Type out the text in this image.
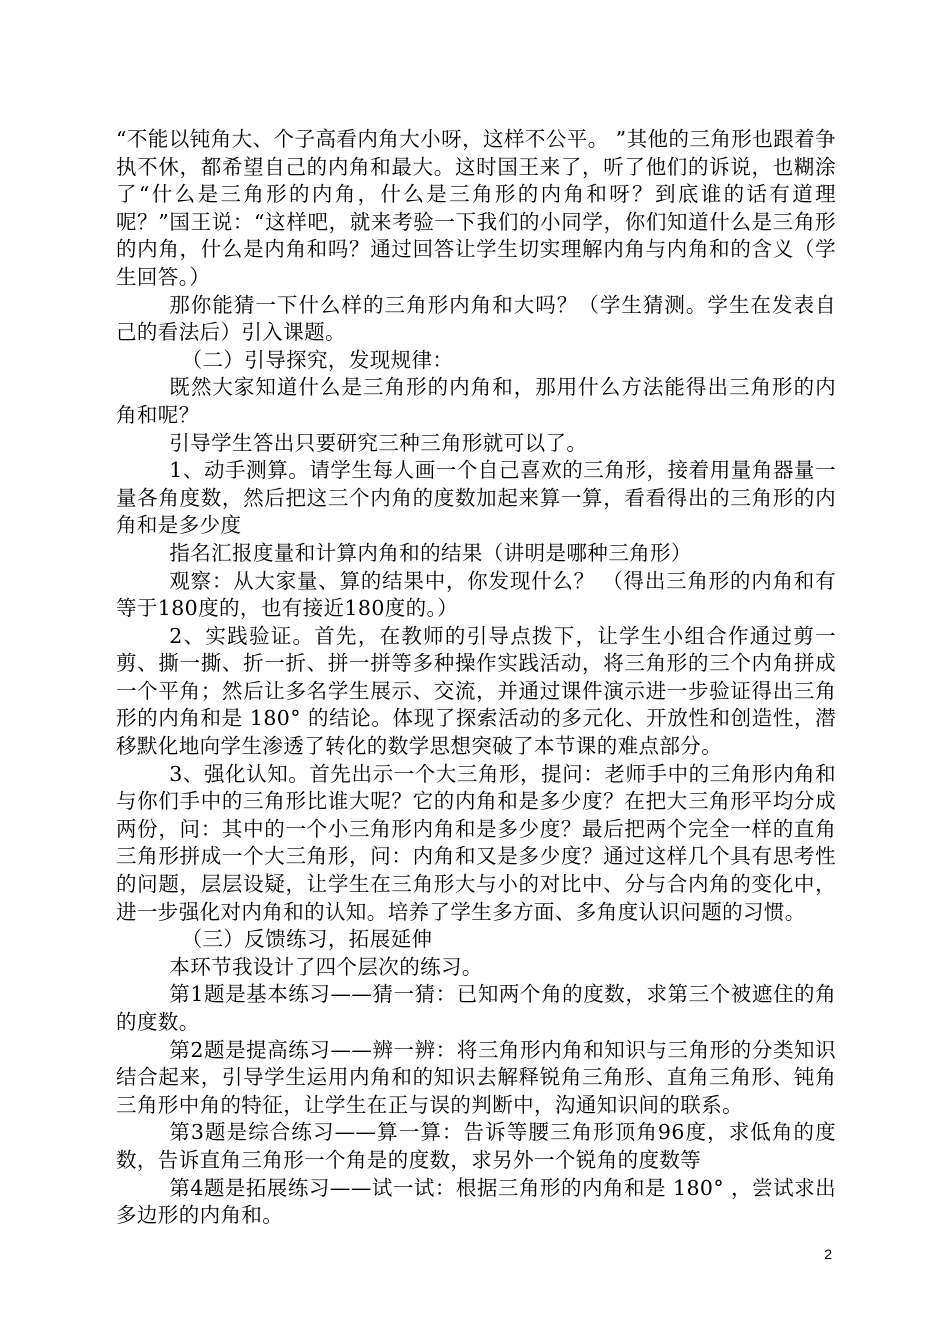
“不能以钝角大、个子高看内角大小呀，这样不公平。 ”其他的三角形也跟着争执不休，都希望自己的内角和最大。这时国王来了，听了他们的诉说，也糊涂了“什么是三角形的内角，什么是三角形的内角和呀？到底谁的话有道理呢？”国王说：“这样吧，就来考验一下我们的小同学，你们知道什么是三角形的内角，什么是内角和吗？通过回答让学生切实理解内角与内角和的含义（学生回答。）

那你能猜一下什么样的三角形内角和大吗？（学生猜测。学生在发表自己的看法后）引入课题。

（二）引导探究，发现规律：

既然大家知道什么是三角形的内角和，那用什么方法能得出三角形的内角和呢？

引导学生答出只要研究三种三角形就可以了。

1、动手测算。请学生每人画一个自己喜欢的三角形，接着用量角器量一量各角度数，然后把这三个内角的度数加起来算一算，看看得出的三角形的内角和是多少度

指名汇报度量和计算内角和的结果（讲明是哪种三角形）

观察：从大家量、算的结果中，你发现什么？ （得出三角形的内角和有等于180度的，也有接近180度的。）

2、实践验证。首先，在教师的引导点拨下，让学生小组合作通过剪一剪、撕一撕、折一折、拼一拼等多种操作实践活动，将三角形的三个内角拼成一个平角；然后让多名学生展示、交流，并通过课件演示进一步验证得出三角形的内角和是 180° 的结论。体现了探索活动的多元化、开放性和创造性，潜移默化地向学生渗透了转化的数学思想突破了本节课的难点部分。

3、强化认知。首先出示一个大三角形，提问：老师手中的三角形内角和与你们手中的三角形比谁大呢？它的内角和是多少度？在把大三角形平均分成两份，问：其中的一个小三角形内角和是多少度？最后把两个完全一样的直角三角形拼成一个大三角形，问：内角和又是多少度？通过这样几个具有思考性的问题，层层设疑，让学生在三角形大与小的对比中、分与合内角的变化中，进一步强化对内角和的认知。培养了学生多方面、多角度认识问题的习惯。

（三）反馈练习，拓展延伸

本环节我设计了四个层次的练习。

第1题是基本练习——猜一猜：已知两个角的度数，求第三个被遮住的角的度数。

第2题是提高练习——辨一辨：将三角形内角和知识与三角形的分类知识结合起来，引导学生运用内角和的知识去解释锐角三角形、直角三角形、钝角三角形中角的特征，让学生在正与误的判断中，沟通知识间的联系。

第3题是综合练习——算一算：告诉等腰三角形顶角96度，求低角的度数，告诉直角三角形一个角是的度数，求另外一个锐角的度数等

第4题是拓展练习——试一试：根据三角形的内角和是 180° ，尝试求出多边形的内角和。

2
